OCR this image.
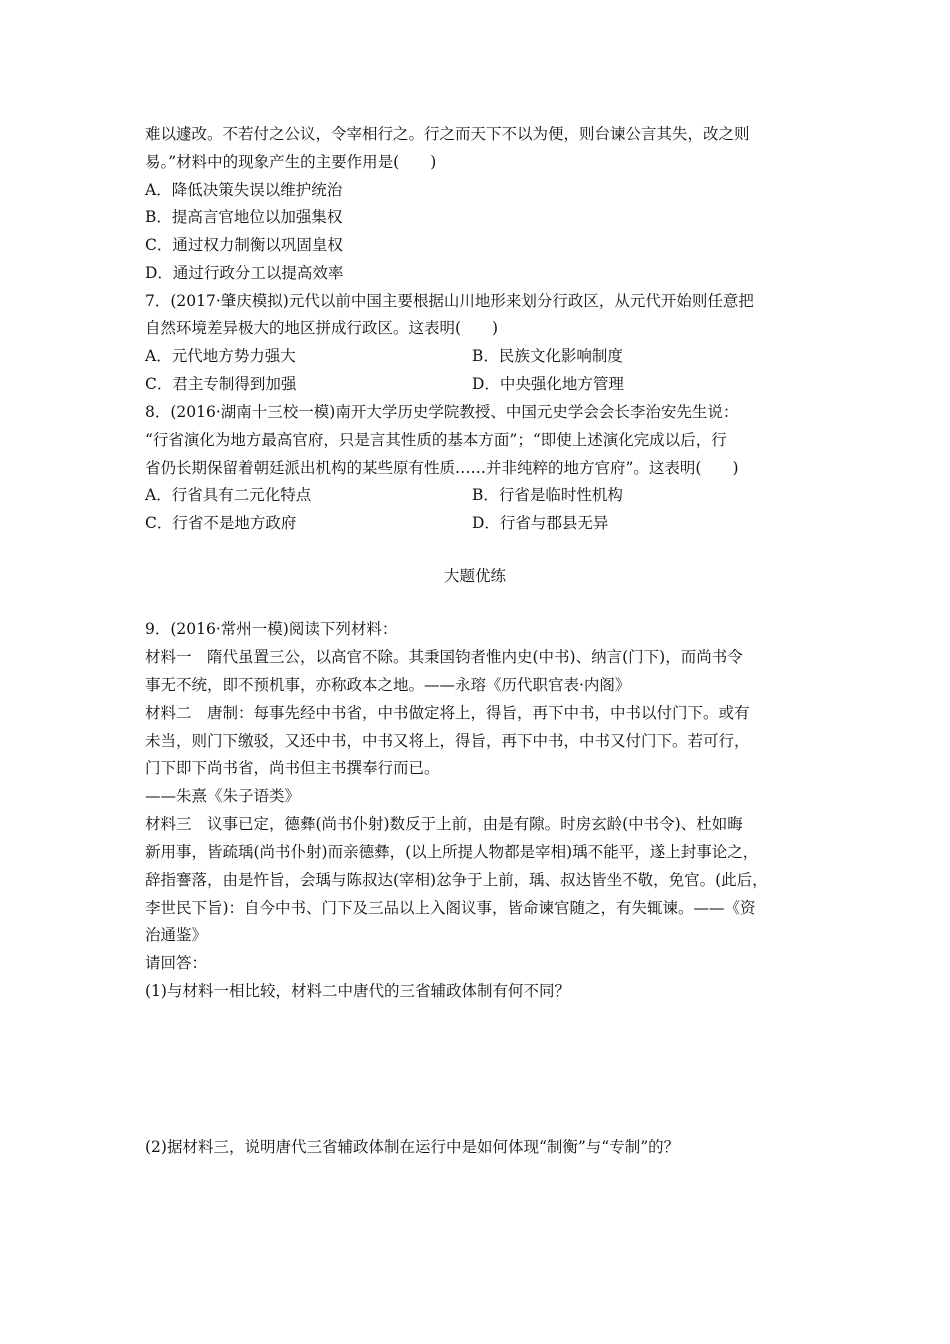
难以遽改。不若付之公议，令宰相行之。行之而天下不以为便，则台谏公言其失，改之则
易。”材料中的现象产生的主要作用是(　　)
A．降低决策失误以维护统治
B．提高言官地位以加强集权
C．通过权力制衡以巩固皇权
D．通过行政分工以提高效率
7．(2017·肇庆模拟)元代以前中国主要根据山川地形来划分行政区，从元代开始则任意把
自然环境差异极大的地区拼成行政区。这表明(　　)
A．元代地方势力强大	B．民族文化影响制度
C．君主专制得到加强	D．中央强化地方管理
8．(2016·湖南十三校一模)南开大学历史学院教授、中国元史学会会长李治安先生说：
“行省演化为地方最高官府，只是言其性质的基本方面”；“即使上述演化完成以后，行
省仍长期保留着朝廷派出机构的某些原有性质……并非纯粹的地方官府”。这表明(　　)
A．行省具有二元化特点	B．行省是临时性机构
C．行省不是地方政府	D．行省与郡县无异
大题优练
9．(2016·常州一模)阅读下列材料：
材料一　隋代虽置三公，以高官不除。其秉国钧者惟内史(中书)、纳言(门下)，而尚书令
事无不统，即不预机事，亦称政本之地。——永瑢《历代职官表·内阁》
材料二　唐制：每事先经中书省，中书做定将上，得旨，再下中书，中书以付门下。或有
未当，则门下缴驳，又还中书，中书又将上，得旨，再下中书，中书又付门下。若可行，
门下即下尚书省，尚书但主书撰奉行而已。
——朱熹《朱子语类》
材料三　议事已定，德彝(尚书仆射)数反于上前，由是有隙。时房玄龄(中书令)、杜如晦
新用事，皆疏瑀(尚书仆射)而亲德彝，(以上所提人物都是宰相)瑀不能平，遂上封事论之，
辞指謇落，由是忤旨，会瑀与陈叔达(宰相)忿争于上前，瑀、叔达皆坐不敬，免官。(此后，
李世民下旨)：自今中书、门下及三品以上入阁议事，皆命谏官随之，有失辄谏。——《资
治通鉴》
请回答：
(1)与材料一相比较，材料二中唐代的三省辅政体制有何不同？
(2)据材料三，说明唐代三省辅政体制在运行中是如何体现“制衡”与“专制”的？
